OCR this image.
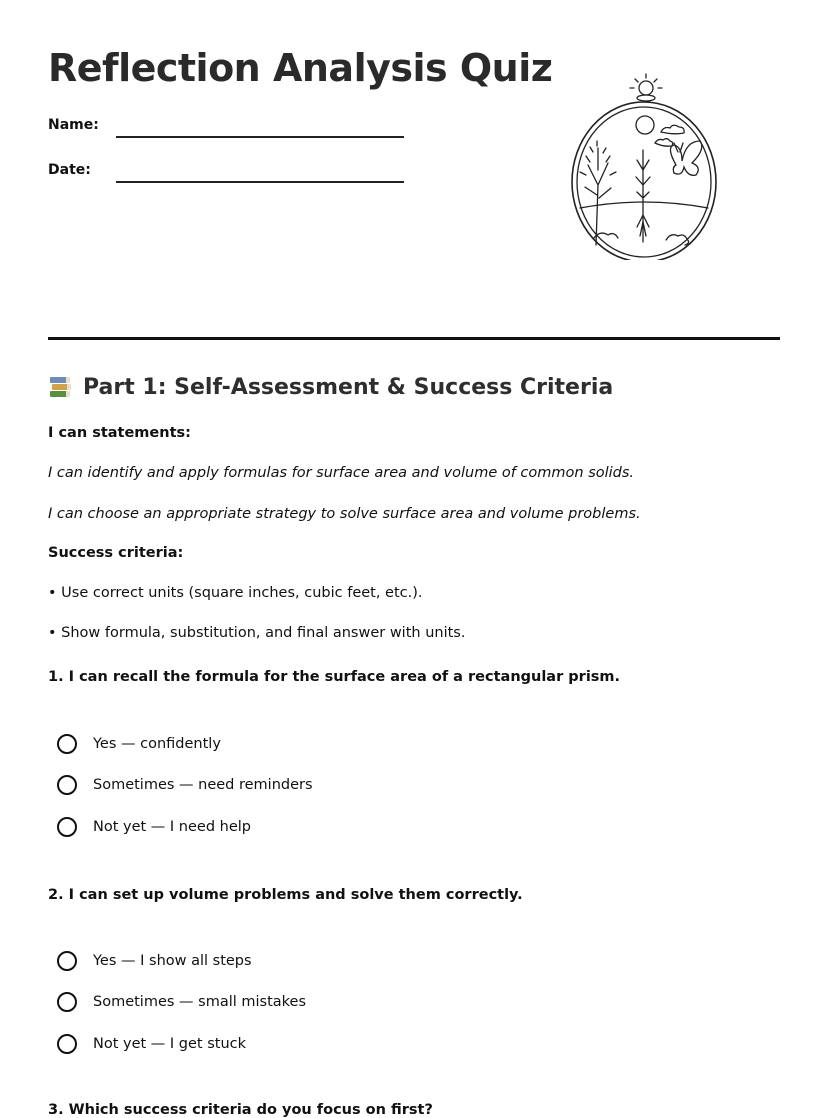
Reflection Analysis Quiz
Name:
Date:
Part 1: Self-Assessment & Success Criteria
I can statements:
I can identify and apply formulas for surface area and volume of common solids.
I can choose an appropriate strategy to solve surface area and volume problems.
Success criteria:
• Use correct units (square inches, cubic feet, etc.).
• Show formula, substitution, and final answer with units.
1. I can recall the formula for the surface area of a rectangular prism.
Yes — confidently
Sometimes — need reminders
Not yet — I need help
2. I can set up volume problems and solve them correctly.
Yes — I show all steps
Sometimes — small mistakes
Not yet — I get stuck
3. Which success criteria do you focus on first?
